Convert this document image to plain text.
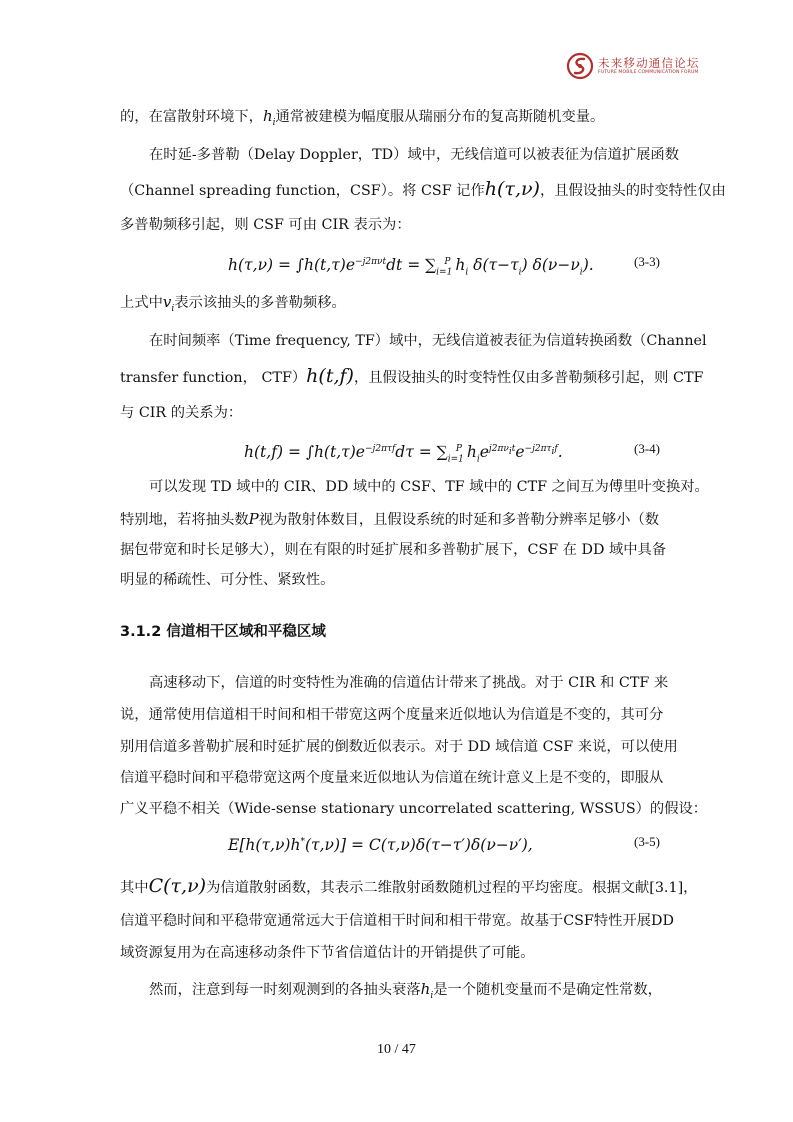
未来移动通信论坛
FUTURE MOBILE COMMUNICATION FORUM
的，在富散射环境下，$h_i$通常被建模为幅度服从瑞丽分布的复高斯随机变量。
在时延-多普勒（Delay Doppler，TD）域中，无线信道可以被表征为信道扩展函数
（Channel spreading function，CSF）。将 CSF 记作h(τ,ν)，且假设抽头的时变特性仅由
多普勒频移引起，则 CSF 可由 CIR 表示为：
$h(\tau,\nu) = \int h(t,\tau)e^{-j2\pi\nu t}dt = \sum_{i=1}^P$ $h_i$ $\delta(\tau-\tau_i)$ $\delta(\nu-\nu_i)$.	(3-3)
上式中$v_i$表示该抽头的多普勒频移。
在时间频率（Time frequency, TF）域中，无线信道被表征为信道转换函数（Channel
transfer function， CTF）h(t,f)，且假设抽头的时变特性仅由多普勒频移引起，则 CTF
与 CIR 的关系为：
$h(t,f) = \int h(t,\tau)e^{-j2\pi\tau f}d\tau = \sum_{i=1}^P$ $h_ie^{j2\pi\nu_it}e^{-j2\pi\tau_if}$.	(3-4)
可以发现 TD 域中的 CIR、DD 域中的 CSF、TF 域中的 CTF 之间互为傅里叶变换对。
特别地，若将抽头数P视为散射体数目，且假设系统的时延和多普勒分辨率足够小（数
据包带宽和时长足够大），则在有限的时延扩展和多普勒扩展下，CSF 在 DD 域中具备
明显的稀疏性、可分性、紧致性。
3.1.2 信道相干区域和平稳区域
高速移动下，信道的时变特性为准确的信道估计带来了挑战。对于 CIR 和 CTF 来
说，通常使用信道相干时间和相干带宽这两个度量来近似地认为信道是不变的，其可分
别用信道多普勒扩展和时延扩展的倒数近似表示。对于 DD 域信道 CSF 来说，可以使用
信道平稳时间和平稳带宽这两个度量来近似地认为信道在统计意义上是不变的，即服从
广义平稳不相关（Wide-sense stationary uncorrelated scattering, WSSUS）的假设：
E[h(τ,ν)h*(τ,ν)] = C(τ,ν)δ(τ−τ′)δ(ν−ν′),	(3-5)
其中C(τ,ν)为信道散射函数，其表示二维散射函数随机过程的平均密度。根据文献[3.1]，
信道平稳时间和平稳带宽通常远大于信道相干时间和相干带宽。故基于CSF特性开展DD
域资源复用为在高速移动条件下节省信道估计的开销提供了可能。
然而，注意到每一时刻观测到的各抽头衰落$h_i$是一个随机变量而不是确定性常数，
10 / 47
